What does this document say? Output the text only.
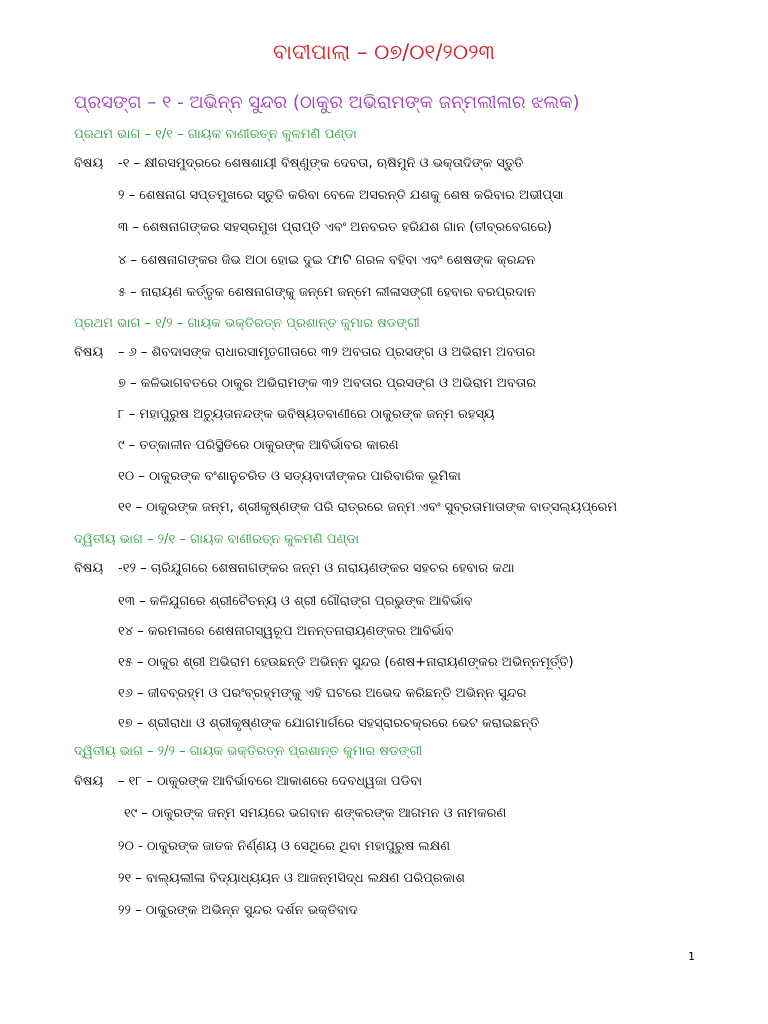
ବାଦୀପାଲା – ୦୭/୦୧/୨୦୨୩
ପ୍ରସଙ୍ଗ – ୧ - ଅଭିନ୍ନ ସୁନ୍ଦର (ଠାକୁର ଅଭିରାମଙ୍କ ଜନ୍ମଲୀଳାର ଝଲକ)
ପ୍ରଥମ ଭାଗ – ୧/୧ – ଗାୟକ ବାଣୀରତ୍ନ କୁଳମଣି ପଣ୍ଡା
ବିଷୟ -୧ – କ୍ଷୀରସମୁଦ୍ରରେ ଶେଷଶାୟୀ ବିଷ୍ଣୁଙ୍କ ଦେବତା, ଋଷିମୁନି ଓ ଭକ୍ତାଦିଙ୍କ ସ୍ତୁତି
୨ – ଶେଷନାଗ ସପ୍ତମୁଖରେ ସ୍ତୁତି କରିବା ବେଳେ ଅସରନ୍ତି ଯଶକୁ ଶେଷ କରିବାର ଅଭୀପ୍ସା
୩ – ଶେଷନାଗଙ୍କର ସହସ୍ରମୁଖ ପ୍ରାପ୍ତି ଏବଂ ଅନବରତ ହରିଯଶ ଗାନ (ତୀବ୍ରବେଗରେ)
୪ – ଶେଷନାଗଙ୍କର ଜିଭ ଅଠା ହୋଇ ଦୁଇ ଫାଟି ଗରଳ ବହିବା ଏବଂ ଶେଷଙ୍କ କ୍ରନ୍ଦନ
୫ – ନାରାୟଣ କର୍ତ୍ତୃକ ଶେଷନାଗଙ୍କୁ ଜନ୍ମେ ଜନ୍ମେ ଲୀଳାସଙ୍ଗୀ ହେବାର ବରପ୍ରଦାନ
ପ୍ରଥମ ଭାଗ – ୧/୨ – ଗାୟକ ଭକ୍ତିରତ୍ନ ପ୍ରଶାନ୍ତ କୁମାର ଷଡଙ୍ଗୀ
ବିଷୟ – ୬ – ଶିବଦାସଙ୍କ ରାଧାରସାମୃତଗୀତାରେ ୩୨ ଅବତାର ପ୍ରସଙ୍ଗ ଓ ଅଭିରାମ ଅବତାର
୭ – କଳିଭାଗବତରେ ଠାକୁର ଅଭିରାମଙ୍କ ୩୨ ଅବତାର ପ୍ରସଙ୍ଗ ଓ ଅଭିରାମ ଅବତାର
୮ – ମହାପୁରୁଷ ଅଚ୍ୟୁତାନନ୍ଦଙ୍କ ଭବିଷ୍ୟତବାଣୀରେ ଠାକୁରଙ୍କ ଜନ୍ମ ରହସ୍ୟ
୯ – ତତ୍‌କାଳୀନ ପରିସ୍ଥିତିରେ ଠାକୁରଙ୍କ ଆବିର୍ଭାବର କାରଣ
୧୦ – ଠାକୁରଙ୍କ ବଂଶାନୁଚରିତ ଓ ସତ୍ୟବାଦୀଙ୍କର ପାରିବାରିକ ଭୂମିକା
୧୧ – ଠାକୁରଙ୍କ ଜନ୍ମ, ଶ୍ରୀକୃଷ୍ଣଙ୍କ ପରି ରାତ୍ରରେ ଜନ୍ମ ଏବଂ ସୁବ୍ରତାମାତାଙ୍କ ବାତ୍ସଲ୍ୟପ୍ରେମ
ଦ୍ୱିତୀୟ ଭାଗ – ୨/୧ – ଗାୟକ ବାଣୀରତ୍ନ କୁଳମଣି ପଣ୍ଡା
ବିଷୟ -୧୨ – ଚାରିଯୁଗରେ ଶେଷନାଗଙ୍କର ଜନ୍ମ ଓ ନାରାୟଣଙ୍କର ସହଚର ହେବାର କଥା
୧୩ – କଳିଯୁଗରେ ଶ୍ରୀଚୈତନ୍ୟ ଓ ଶ୍ରୀ ଗୌରାଙ୍ଗ ପ୍ରଭୁଙ୍କ ଆବିର୍ଭାବ
୧୪ – କରମଳାରେ ଶେଷନାଗସ୍ୱରୂପ ଅନନ୍ତନାରାୟଣଙ୍କର ଆବିର୍ଭାବ
୧୫ – ଠାକୁର ଶ୍ରୀ ଅଭିରାମ ହେଉଛନ୍ତି ଅଭିନ୍ନ ସୁନ୍ଦର (ଶେଷ+ନାରାୟଣଙ୍କର ଅଭିନ୍ନମୂର୍ତ୍ତି)
୧୬ – ଜୀବବ୍ରହ୍ମ ଓ ପରଂବ୍ରହ୍ମଙ୍କୁ ଏହି ଘଟରେ ଅଭେଦ କରିଛନ୍ତି ଅଭିନ୍ନ ସୁନ୍ଦର
୧୭ – ଶ୍ରୀରାଧା ଓ ଶ୍ରୀକୃଷ୍ଣଙ୍କ ଯୋଗମାର୍ଗରେ ସହସ୍ରାରଚକ୍ରରେ ଭେଟ କରାଇଛନ୍ତି
ଦ୍ୱିତୀୟ ଭାଗ – ୨/୨ – ଗାୟକ ଭକ୍ତିରତ୍ନ ପ୍ରଶାନ୍ତ କୁମାର ଷଡଙ୍ଗୀ
ବିଷୟ – ୧୮ – ଠାକୁରଙ୍କ ଆବିର୍ଭାବରେ ଆକାଶରେ ଦେବଧ୍ୱଜା ପଡିବା
୧୯ – ଠାକୁରଙ୍କ ଜନ୍ମ ସମୟରେ ଭଗବାନ ଶଙ୍କରଙ୍କ ଆଗମନ ଓ ନାମକରଣ
୨୦ - ଠାକୁରଙ୍କ ଜାତକ ନିର୍ଣ୍ଣୟ ଓ ସେଥିରେ ଥିବା ମହାପୁରୁଷ ଲକ୍ଷଣ
୨୧ – ବାଲ୍ୟଲୀଳା ବିଦ୍ୟାଧ୍ୟୟନ ଓ ଆଜନ୍ମସିଦ୍ଧ ଲକ୍ଷଣ ପରିପ୍ରକାଶ
୨୨ – ଠାକୁରଙ୍କ ଅଭିନ୍ନ ସୁନ୍ଦର ଦର୍ଶନ ଭକ୍ତିବାଦ
1
